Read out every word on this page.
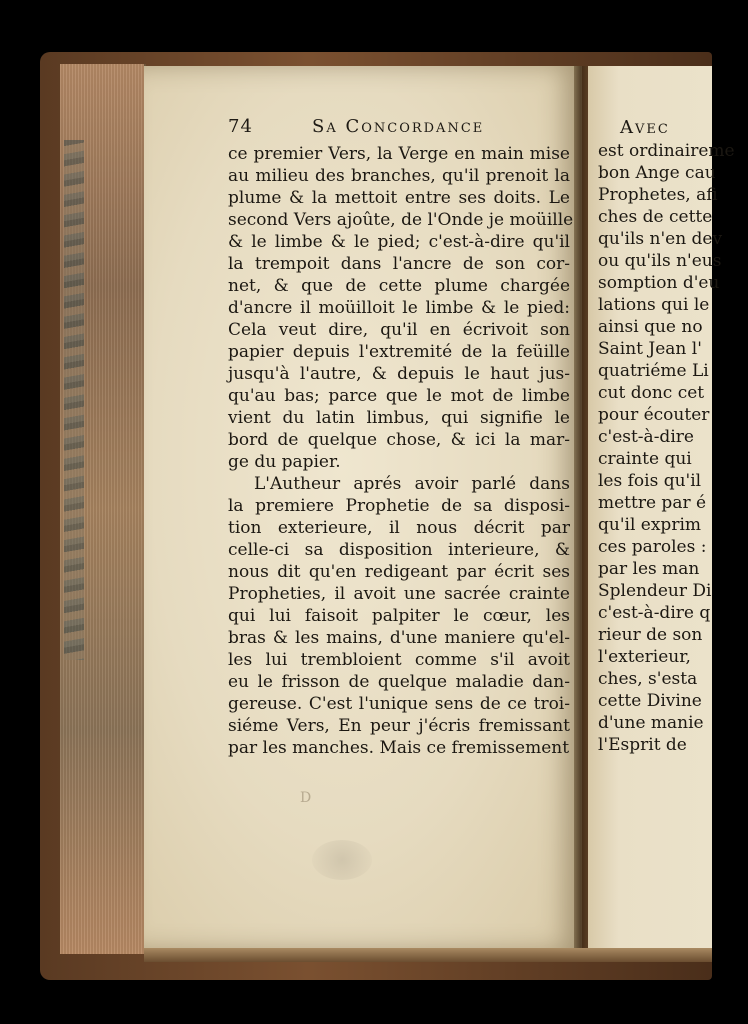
74	Sa Concordance
ce premier Vers, la Verge en main mise
au milieu des branches, qu'il prenoit la
plume & la mettoit entre ses doits. Le
second Vers ajoûte, de l'Onde je moüille
& le limbe & le pied; c'est-à-dire qu'il
la trempoit dans l'ancre de son cor-
net, & que de cette plume chargée
d'ancre il moüilloit le limbe & le pied:
Cela veut dire, qu'il en écrivoit son
papier depuis l'extremité de la feüille
jusqu'à l'autre, & depuis le haut jus-
qu'au bas; parce que le mot de limbe
vient du latin limbus, qui signifie le
bord de quelque chose, & ici la mar-
ge du papier.
L'Autheur aprés avoir parlé dans
la premiere Prophetie de sa disposi-
tion exterieure, il nous décrit par
celle-ci sa disposition interieure, &
nous dit qu'en redigeant par écrit ses
Propheties, il avoit une sacrée crainte
qui lui faisoit palpiter le cœur, les
bras & les mains, d'une maniere qu'el-
les lui trembloient comme s'il avoit
eu le frisson de quelque maladie dan-
gereuse. C'est l'unique sens de ce troi-
siéme Vers, En peur j'écris fremissant
par les manches. Mais ce fremissement
Avec
est ordinaireme
bon Ange cau
Prophetes, afi
ches de cette
qu'ils n'en dev
ou qu'ils n'eus
somption d'eu
lations qui le
ainsi que no
Saint Jean l'
quatriéme Li
cut donc cet
pour écouter
c'est-à-dire
crainte qui
les fois qu'il
mettre par é
qu'il exprim
ces paroles :
par les man
Splendeur Di
c'est-à-dire q
rieur de son
l'exterieur,
ches, s'esta
cette Divine
d'une manie
l'Esprit de
D
